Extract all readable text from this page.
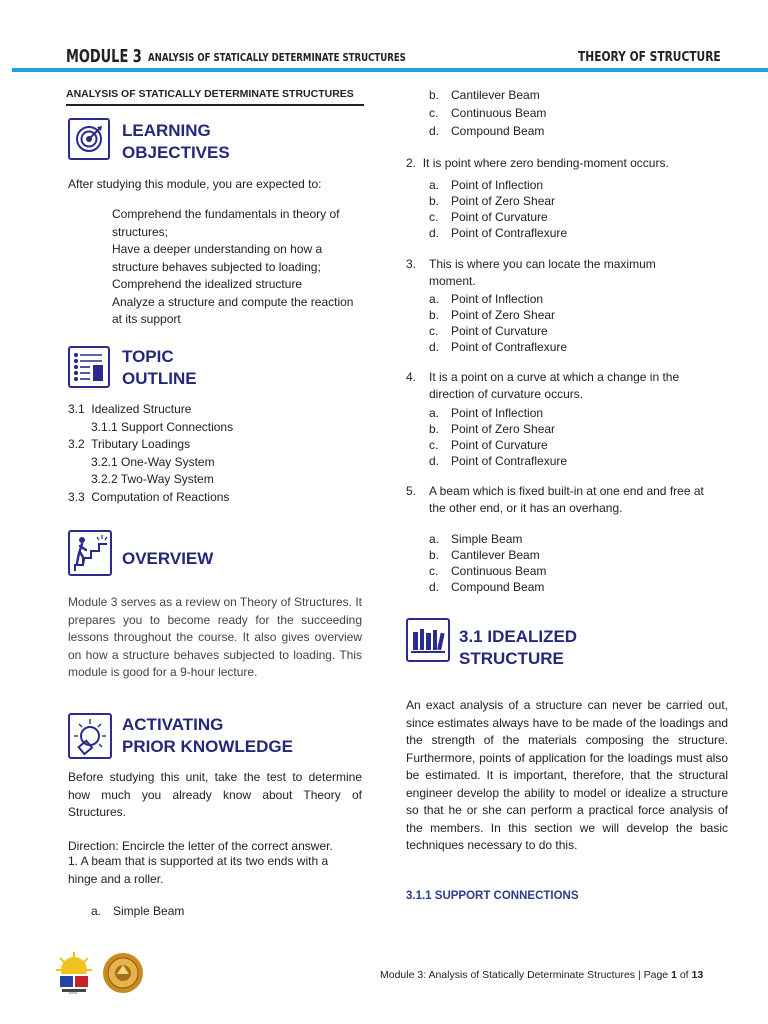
MODULE 3 ANALYSIS OF STATICALLY DETERMINATE STRUCTURES	THEORY OF STRUCTURE
ANALYSIS OF STATICALLY DETERMINATE STRUCTURES
LEARNING
OBJECTIVES
After studying this module, you are expected to:
Comprehend the fundamentals in theory of structures;
Have a deeper understanding on how a structure behaves subjected to loading;
Comprehend the idealized structure
Analyze a structure and compute the reaction at its support
TOPIC
OUTLINE
3.1 Idealized Structure
3.1.1 Support Connections
3.2 Tributary Loadings
3.2.1 One-Way System
3.2.2 Two-Way System
3.3 Computation of Reactions
OVERVIEW
Module 3 serves as a review on Theory of Structures. It prepares you to become ready for the succeeding lessons throughout the course. It also gives overview on how a structure behaves subjected to loading. This module is good for a 9-hour lecture.
ACTIVATING
PRIOR KNOWLEDGE
Before studying this unit, take the test to determine how much you already know about Theory of Structures.
Direction: Encircle the letter of the correct answer.
1. A beam that is supported at its two ends with a hinge and a roller.
a. Simple Beam
b. Cantilever Beam
c. Continuous Beam
d. Compound Beam
2. It is point where zero bending-moment occurs.
a. Point of Inflection
b. Point of Zero Shear
c. Point of Curvature
d. Point of Contraflexure
3.	This is where you can locate the maximum moment.
a. Point of Inflection
b. Point of Zero Shear
c. Point of Curvature
d. Point of Contraflexure
4.	It is a point on a curve at which a change in the direction of curvature occurs.
a. Point of Inflection
b. Point of Zero Shear
c. Point of Curvature
d. Point of Contraflexure
5.	A beam which is fixed built-in at one end and free at the other end, or it has an overhang.
a. Simple Beam
b. Cantilever Beam
c. Continuous Beam
d. Compound Beam
3.1 IDEALIZED
STRUCTURE
An exact analysis of a structure can never be carried out, since estimates always have to be made of the loadings and the strength of the materials composing the structure. Furthermore, points of application for the loadings must also be estimated. It is important, therefore, that the structural engineer develop the ability to model or idealize a structure so that he or she can perform a practical force analysis of the members. In this section we will develop the basic techniques necessary to do this.
3.1.1 SUPPORT CONNECTIONS
1904
Module 3: Analysis of Statically Determinate Structures | Page 1 of 13
